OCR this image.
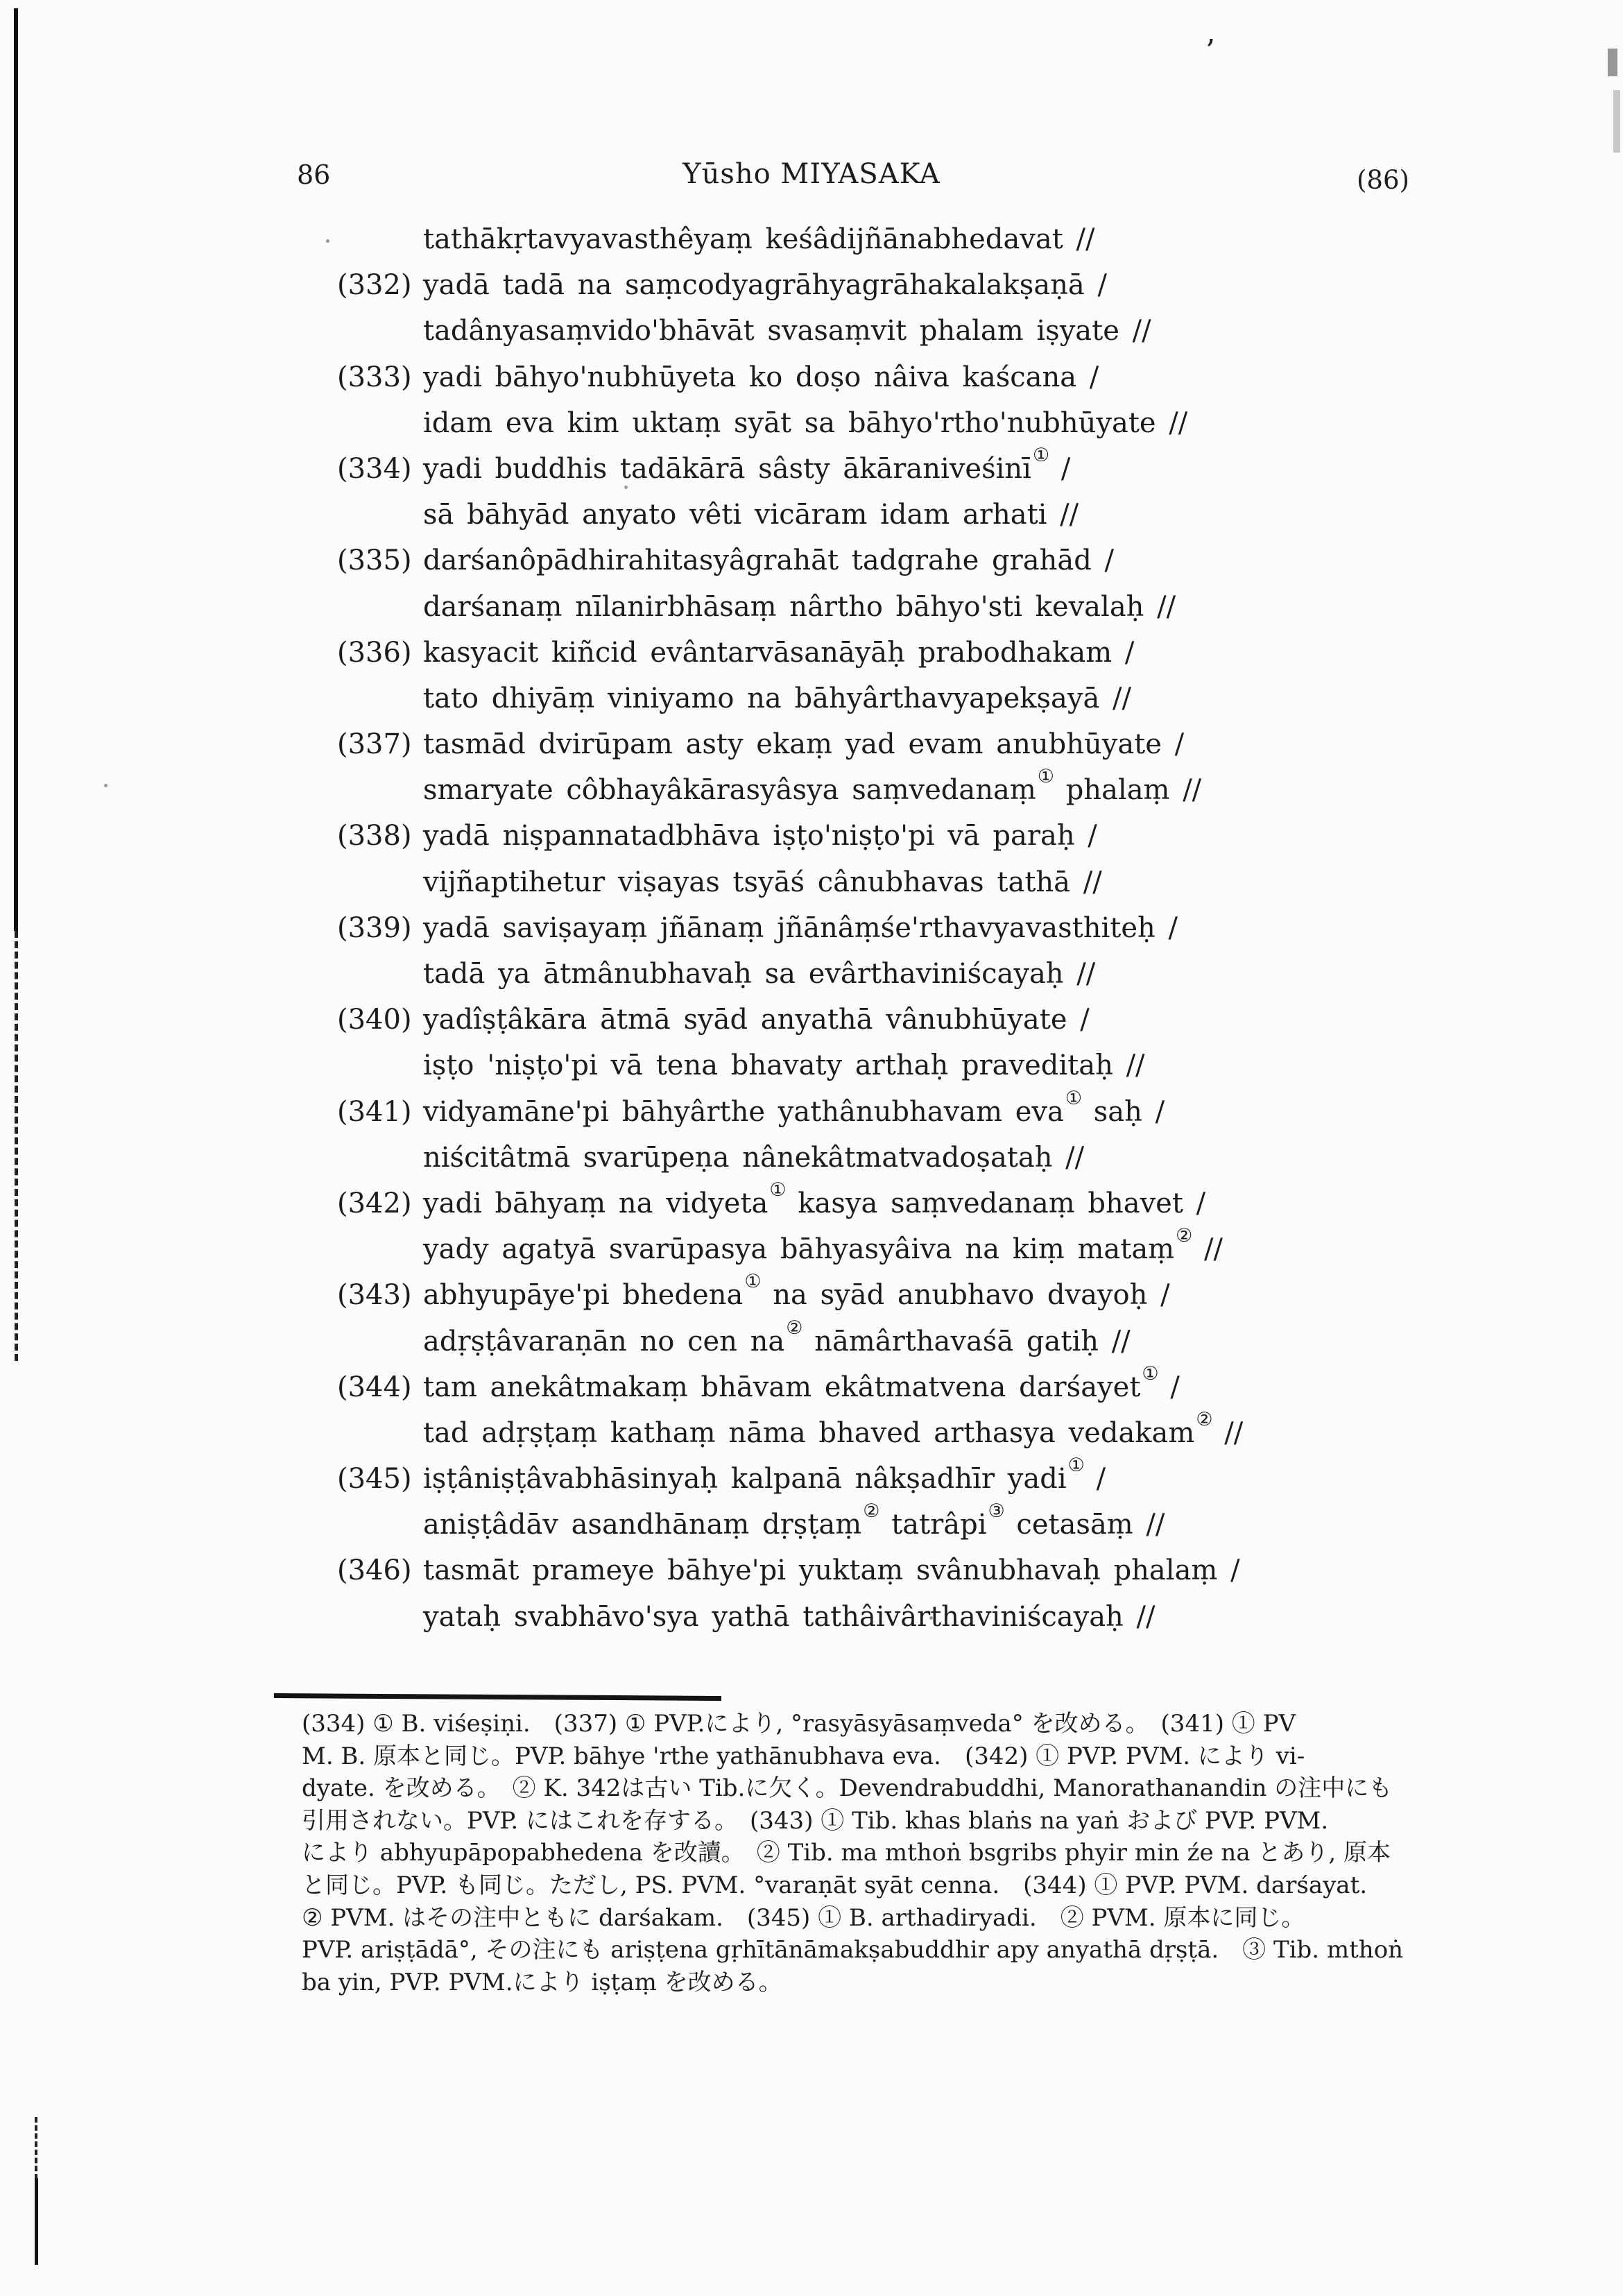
’
86	Yūsho MIYASAKA	(86)
tathākṛtavyavasthêyaṃ keśâdijñānabhedavat //
(332) yadā tadā na saṃcodyagrāhyagrāhakalakṣaṇā /
tadânyasaṃvido'bhāvāt svasaṃvit phalam iṣyate //
(333) yadi bāhyo'nubhūyeta ko doṣo nâiva kaścana /
idam eva kim uktaṃ syāt sa bāhyo'rtho'nubhūyate //
(334) yadi buddhis tadākārā sâsty ākāraniveśinī① /
sā bāhyād anyato vêti vicāram idam arhati //
(335) darśanôpādhirahitasyâgrahāt tadgrahe grahād /
darśanaṃ nīlanirbhāsaṃ nârtho bāhyo'sti kevalaḥ //
(336) kasyacit kiñcid evântarvāsanāyāḥ prabodhakam /
tato dhiyāṃ viniyamo na bāhyârthavyapekṣayā //
(337) tasmād dvirūpam asty ekaṃ yad evam anubhūyate /
smaryate côbhayâkārasyâsya saṃvedanaṃ① phalaṃ //
(338) yadā niṣpannatadbhāva iṣṭo'niṣṭo'pi vā paraḥ /
vijñaptihetur viṣayas tsyāś cânubhavas tathā //
(339) yadā saviṣayaṃ jñānaṃ jñānâṃśe'rthavyavasthiteḥ /
tadā ya ātmânubhavaḥ sa evârthaviniścayaḥ //
(340) yadîṣṭâkāra ātmā syād anyathā vânubhūyate /
iṣṭo 'niṣṭo'pi vā tena bhavaty arthaḥ praveditaḥ //
(341) vidyamāne'pi bāhyârthe yathânubhavam eva① saḥ /
niścitâtmā svarūpeṇa nânekâtmatvadoṣataḥ //
(342) yadi bāhyaṃ na vidyeta① kasya saṃvedanaṃ bhavet /
yady agatyā svarūpasya bāhyasyâiva na kiṃ mataṃ② //
(343) abhyupāye'pi bhedena① na syād anubhavo dvayoḥ /
adṛṣṭâvaraṇān no cen na② nāmârthavaśā gatiḥ //
(344) tam anekâtmakaṃ bhāvam ekâtmatvena darśayet① /
tad adṛṣṭaṃ kathaṃ nāma bhaved arthasya vedakam② //
(345) iṣṭâniṣṭâvabhāsinyaḥ kalpanā nâkṣadhīr yadi① /
aniṣṭâdāv asandhānaṃ dṛṣṭaṃ② tatrâpi③ cetasāṃ //
(346) tasmāt prameye bāhye'pi yuktaṃ svânubhavaḥ phalaṃ /
yataḥ svabhāvo'sya yathā tathâivârthaviniścayaḥ //
(334) ① B. viśeṣiṇi.　(337) ① PVP.により, °rasyāsyāsaṃveda° を改める。　(341) ① PV
M. B. 原本と同じ。PVP. bāhye 'rthe yathānubhava eva.　(342) ① PVP. PVM. により vi-
dyate. を改める。　② K. 342は古い Tib.に欠く。Devendrabuddhi, Manorathanandin の注中にも
引用されない。PVP. にはこれを存する。　(343) ① Tib. khas blaṅs na yaṅ および PVP. PVM.
により abhyupāpopabhedena を改讀。　② Tib. ma mthoṅ bsgribs phyir min źe na とあり, 原本
と同じ。PVP. も同じ。ただし, PS. PVM. °varaṇāt syāt cenna.　(344) ① PVP. PVM. darśayat.
② PVM. はその注中ともに darśakam.　(345) ① B. arthadiryadi.　② PVM. 原本に同じ。
PVP. ariṣṭādā°, その注にも ariṣṭena gṛhītānāmakṣabuddhir apy anyathā dṛṣṭā.　③ Tib. mthoṅ
ba yin, PVP. PVM.により iṣṭaṃ を改める。
